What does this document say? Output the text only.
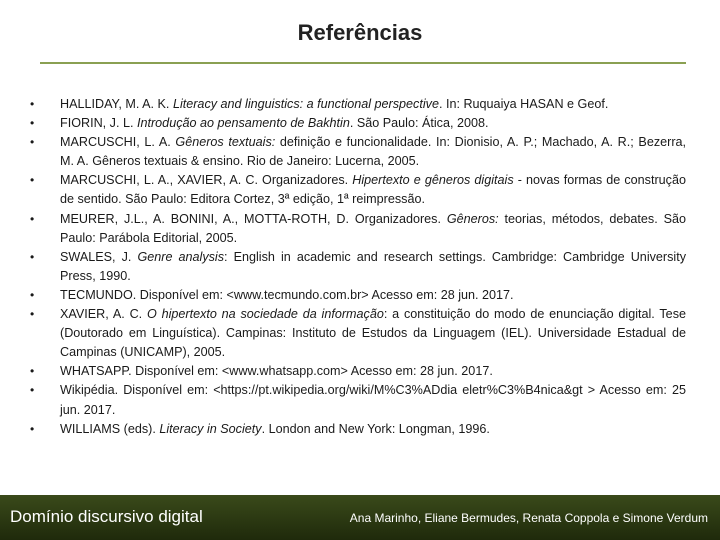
Referências
• HALLIDAY, M. A. K. Literacy and linguistics: a functional perspective. In: Ruquaiya HASAN e Geof.
• FIORIN, J. L. Introdução ao pensamento de Bakhtin. São Paulo: Ática, 2008.
• MARCUSCHI, L. A. Gêneros textuais: definição e funcionalidade. In: Dionisio, A. P.; Machado, A. R.; Bezerra, M. A. Gêneros textuais & ensino. Rio de Janeiro: Lucerna, 2005.
• MARCUSCHI, L. A., XAVIER, A. C. Organizadores. Hipertexto e gêneros digitais - novas formas de construção de sentido. São Paulo: Editora Cortez, 3ª edição, 1ª reimpressão.
• MEURER, J.L., A. BONINI, A., MOTTA-ROTH, D. Organizadores. Gêneros: teorias, métodos, debates. São Paulo: Parábola Editorial, 2005.
• SWALES, J. Genre analysis: English in academic and research settings. Cambridge: Cambridge University Press, 1990.
• TECMUNDO. Disponível em: <www.tecmundo.com.br> Acesso em: 28 jun. 2017.
• XAVIER, A. C. O hipertexto na sociedade da informação: a constituição do modo de enunciação digital. Tese (Doutorado em Linguística). Campinas: Instituto de Estudos da Linguagem (IEL). Universidade Estadual de Campinas (UNICAMP), 2005.
• WHATSAPP. Disponível em: <www.whatsapp.com> Acesso em: 28 jun. 2017.
• Wikipédia. Disponível em: <https://pt.wikipedia.org/wiki/M%C3%ADdia eletr%C3%B4nica&gt > Acesso em: 25 jun. 2017.
• WILLIAMS (eds). Literacy in Society. London and New York: Longman, 1996.
Domínio discursivo digital	Ana Marinho, Eliane Bermudes, Renata Coppola e Simone Verdum
